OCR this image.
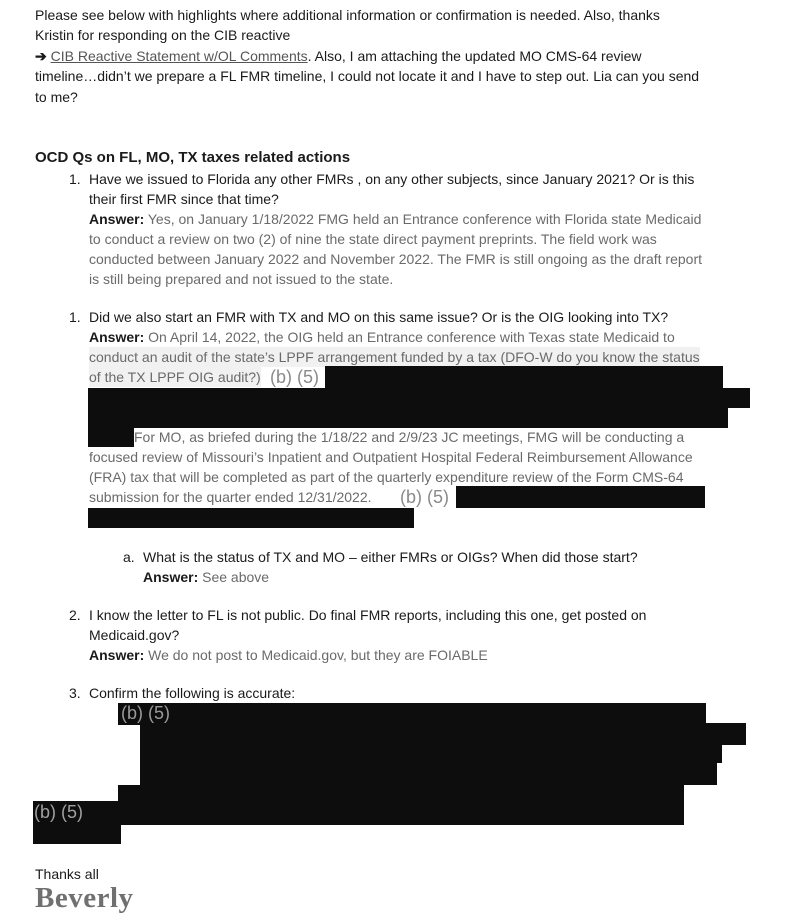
Please see below with highlights where additional information or confirmation is needed. Also, thanks
Kristin for responding on the CIB reactive
➔ CIB Reactive Statement w/OL Comments. Also, I am attaching the updated MO CMS-64 review
timeline…didn’t we prepare a FL FMR timeline, I could not locate it and I have to step out. Lia can you send
to me?
OCD Qs on FL, MO, TX taxes related actions
1. Have we issued to Florida any other FMRs , on any other subjects, since January 2021? Or is this
their first FMR since that time?
Answer: Yes, on January 1/18/2022 FMG held an Entrance conference with Florida state Medicaid
to conduct a review on two (2) of nine the state direct payment preprints. The field work was
conducted between January 2022 and November 2022. The FMR is still ongoing as the draft report
is still being prepared and not issued to the state.
1. Did we also start an FMR with TX and MO on this same issue? Or is the OIG looking into TX?
Answer: On April 14, 2022, the OIG held an Entrance conference with Texas state Medicaid to
conduct an audit of the state’s LPPF arrangement funded by a tax (DFO-W do you know the status
of the TX LPPF OIG audit?) (b) (5)
For MO, as briefed during the 1/18/22 and 2/9/23 JC meetings, FMG will be conducting a
focused review of Missouri’s Inpatient and Outpatient Hospital Federal Reimbursement Allowance
(FRA) tax that will be completed as part of the quarterly expenditure review of the Form CMS-64
submission for the quarter ended 12/31/2022. (b) (5)
a. What is the status of TX and MO – either FMRs or OIGs? When did those start?
Answer: See above
2. I know the letter to FL is not public. Do final FMR reports, including this one, get posted on
Medicaid.gov?
Answer: We do not post to Medicaid.gov, but they are FOIABLE
3. Confirm the following is accurate:
(b) (5)
(b) (5)
Thanks all
Beverly
